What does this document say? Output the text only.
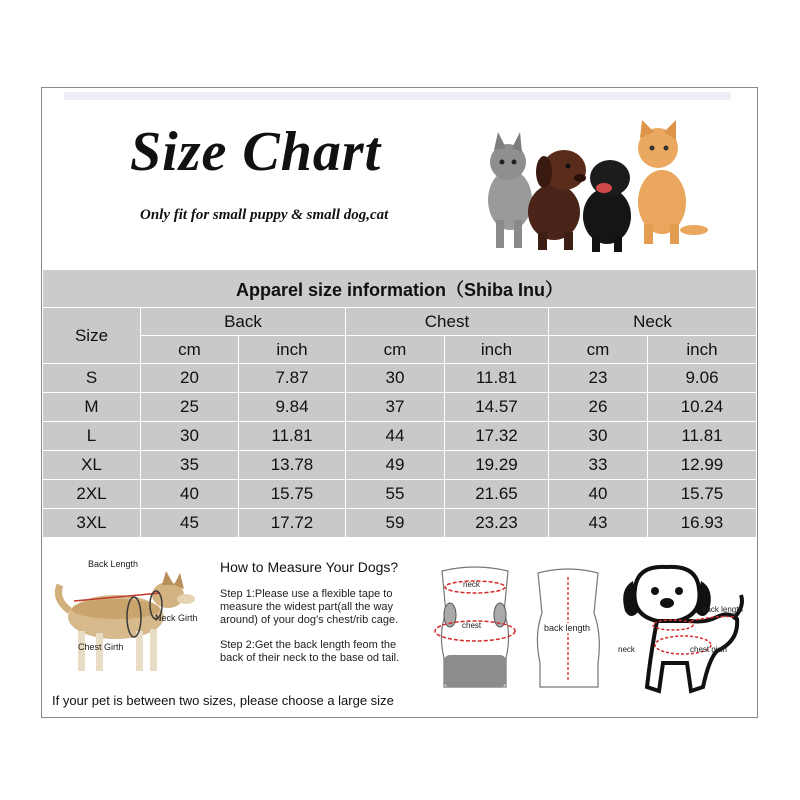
Size Chart
Only fit for small puppy & small dog,cat
Apparel size information（Shiba Inu）						
Size	Back		Chest		Neck	
	cm	inch	cm	inch	cm	inch
S	20	7.87	30	11.81	23	9.06
M	25	9.84	37	14.57	26	10.24
L	30	11.81	44	17.32	30	11.81
XL	35	13.78	49	19.29	33	12.99
2XL	40	15.75	55	21.65	40	15.75
3XL	45	17.72	59	23.23	43	16.93
Back Length
Neck Girth
Chest Girth
How to Measure Your Dogs?
Step 1:Please use a flexible tape to measure the widest part(all the way around) of your dog's chest/rib cage.
Step 2:Get the back length feom the back of their neck to the base od tail.
neck
chest	back length
back length
neck	chest girth
If your pet is between two sizes, please choose a large size
